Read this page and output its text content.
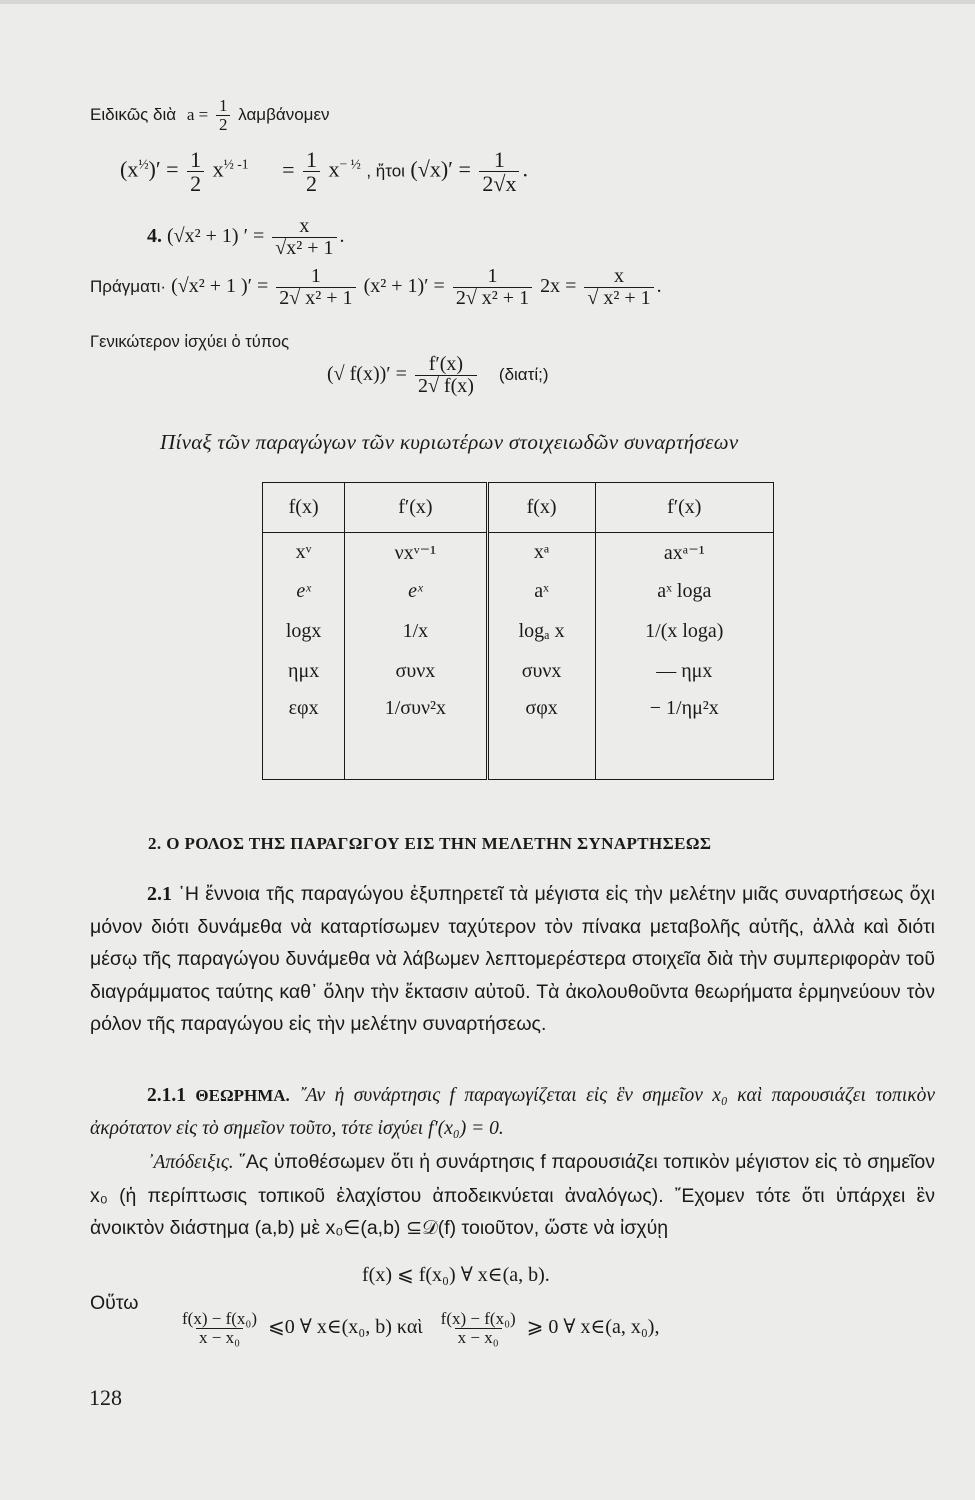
Ειδικῶς διὰ $a = \frac{1}{2}$ λαμβάνομεν
$(x^{\frac{1}{2}})' = \frac{1}{2} x^{\frac{1}{2} -1} = \frac{1}{2} x^{- \frac{1}{2}}$ , ἤτοι $(√x)' = \frac{1}{2√x}$ .
4. (√x² + 1) ′ = $\frac{x}{\text{√x² + 1}}$ .
Πράγματι· (√x² + 1 )′ = $\frac{1}{\text{2√ x² + 1}} (x^2 + 1)' = \frac{1}{\text{2√ x² + 1}} 2x = \frac{x}{\text{√ x² + 1}}$ .
Γενικώτερον ἰσχύει ὁ τύπος
(√ $f(x))' = \frac{f'(x)}{2√ f(x)}$ (διατί;)
Πίναξ τῶν παραγώγων τῶν κυριωτέρων στοιχειωδῶν συναρτήσεων
f(x)	f′(x)	f(x)	f′(x)
xᵛ	νxᵛ⁻¹	xᵃ	axᵃ⁻¹
eˣ	eˣ	aˣ	aˣ loga
logx	1/x	logₐ x	1/(x loga)
ημx	συνx	συνx	— ημx
εφx	1/συν²x	σφx	− 1/ημ²x
2. Ο ΡΟΛΟΣ ΤΗΣ ΠΑΡΑΓΩΓΟΥ ΕΙΣ ΤΗΝ ΜΕΛΕΤΗΝ ΣΥΝΑΡΤΗΣΕΩΣ
2.1 ῾Η ἔννοια τῆς παραγώγου ἐξυπηρετεῖ τὰ μέγιστα εἰς τὴν μελέτην μιᾶς συναρτήσεως ὄχι μόνον διότι δυνάμεθα νὰ καταρτίσωμεν ταχύτερον τὸν πίνακα μεταβολῆς αὐτῆς, ἀλλὰ καὶ διότι μέσῳ τῆς παραγώγου δυνάμεθα νὰ λάβωμεν λεπτομερέστερα στοιχεῖα διὰ τὴν συμπεριφορὰν τοῦ διαγράμματος ταύτης καθ᾽ ὅλην τὴν ἔκτασιν αὐτοῦ. Τὰ ἀκολουθοῦντα θεωρήματα ἑρμηνεύουν τὸν ρόλον τῆς παραγώγου εἰς τὴν μελέτην συναρτήσεως.
2.1.1 ΘΕΩΡΗΜΑ. ῎Αν ἡ συνάρτησις f παραγωγίζεται εἰς ἓν σημεῖον x₀ καὶ παρουσιάζει τοπικὸν ἀκρότατον εἰς τὸ σημεῖον τοῦτο, τότε ἰσχύει f′(x₀) = 0.
᾽Απόδειξις. ῞Ας ὑποθέσωμεν ὅτι ἡ συνάρτησις f παρουσιάζει τοπικὸν μέγιστον εἰς τὸ σημεῖον x₀ (ἡ περίπτωσις τοπικοῦ ἐλαχίστου ἀποδεικνύεται ἀναλόγως). ῎Εχομεν τότε ὅτι ὑπάρχει ἓν ἀνοικτὸν διάστημα (a,b) μὲ x₀∈(a,b) ⊆𝒟(f) τοιοῦτον, ὥστε νὰ ἰσχύῃ
f(x) ⩽ f(x₀) ∀ x∈(a, b).
Οὕτω
$\frac{\text{f(x) − f(x₀)}}{\text{x − x₀}}$ ⩽0 ∀ x∈(x₀, b) καὶ $\frac{\text{f(x) − f(x₀)}}{\text{x − x₀}}$ ⩾ 0 ∀ x∈(a, x₀),
128
